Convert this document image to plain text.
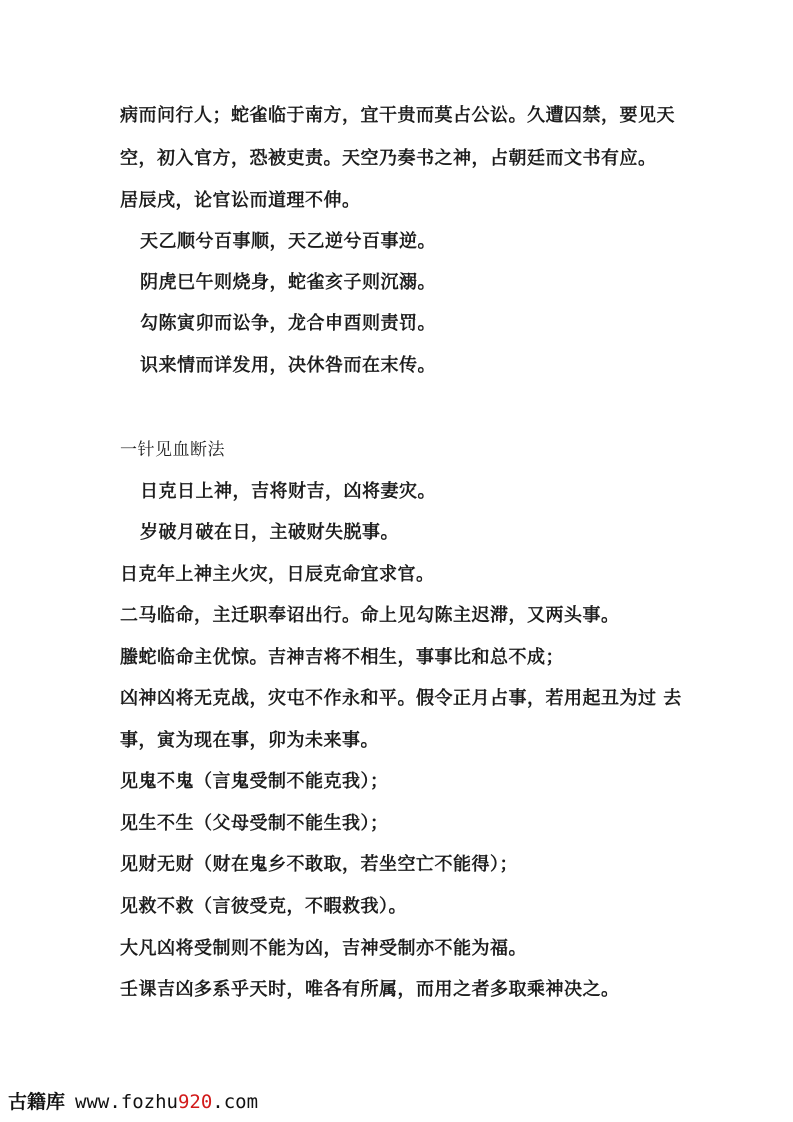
病而问行人；蛇雀临于南方，宜干贵而莫占公讼。久遭囚禁，要见天
空，初入官方，恐被吏责。天空乃奏书之神，占朝廷而文书有应。
居辰戌，论官讼而道理不伸。
天乙顺兮百事顺，天乙逆兮百事逆。
阴虎巳午则烧身，蛇雀亥子则沉溺。
勾陈寅卯而讼争，龙合申酉则责罚。
识来情而详发用，决休咎而在末传。
一针见血断法
日克日上神，吉将财吉，凶将妻灾。
岁破月破在日，主破财失脱事。
日克年上神主火灾，日辰克命宜求官。
二马临命，主迁职奉诏出行。命上见勾陈主迟滞，又两头事。
螣蛇临命主优惊。吉神吉将不相生，事事比和总不成；
凶神凶将无克战，灾屯不作永和平。假令正月占事，若用起丑为过 去
事，寅为现在事，卯为未来事。
见鬼不鬼（言鬼受制不能克我）；
见生不生（父母受制不能生我）；
见财无财（财在鬼乡不敢取，若坐空亡不能得）；
见救不救（言彼受克，不暇救我）。
大凡凶将受制则不能为凶，吉神受制亦不能为福。
壬课吉凶多系乎天时，唯各有所属，而用之者多取乘神决之。
古籍库 www.fozhu920.com
